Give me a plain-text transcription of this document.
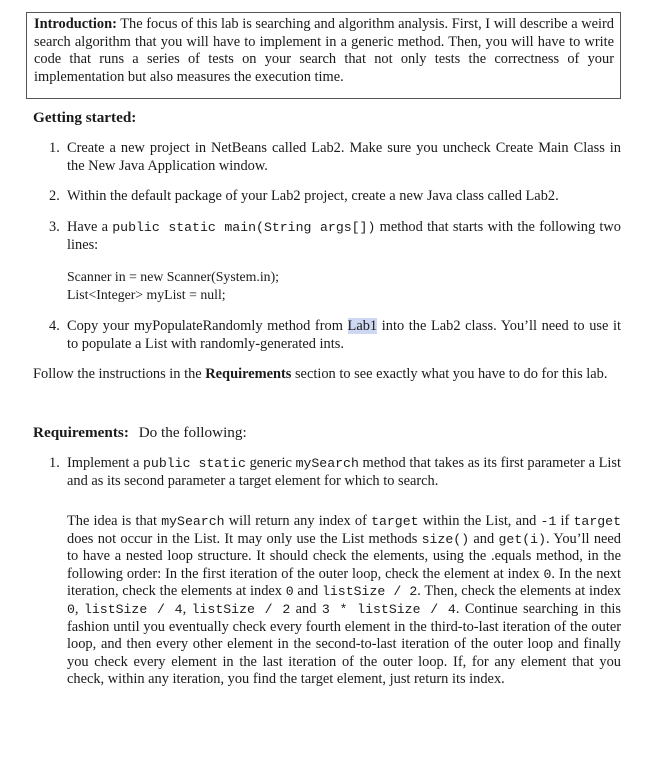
Introduction: The focus of this lab is searching and algorithm analysis. First, I will describe a weird search algorithm that you will have to implement in a generic method. Then, you will have to write code that runs a series of tests on your search that not only tests the correctness of your implementation but also measures the execution time.
Getting started:
1. Create a new project in NetBeans called Lab2. Make sure you uncheck Create Main Class in the New Java Application window.
2. Within the default package of your Lab2 project, create a new Java class called Lab2.
3. Have a public static main(String args[]) method that starts with the following two lines:
Scanner in = new Scanner(System.in);
List<Integer> myList = null;
4. Copy your myPopulateRandomly method from Lab1 into the Lab2 class. You’ll need to use it to populate a List with randomly-generated ints.
Follow the instructions in the Requirements section to see exactly what you have to do for this lab.
Requirements: Do the following:
1. Implement a public static generic mySearch method that takes as its first parameter a List and as its second parameter a target element for which to search.
The idea is that mySearch will return any index of target within the List, and -1 if target does not occur in the List. It may only use the List methods size() and get(i). You’ll need to have a nested loop structure. It should check the elements, using the .equals method, in the following order: In the first iteration of the outer loop, check the element at index 0. In the next iteration, check the elements at index 0 and listSize / 2. Then, check the elements at index 0, listSize / 4, listSize / 2 and 3 * listSize / 4. Continue searching in this fashion until you eventually check every fourth element in the third-to-last iteration of the outer loop, and then every other element in the second-to-last iteration of the outer loop and finally you check every element in the last iteration of the outer loop. If, for any element that you check, within any iteration, you find the target element, just return its index.
